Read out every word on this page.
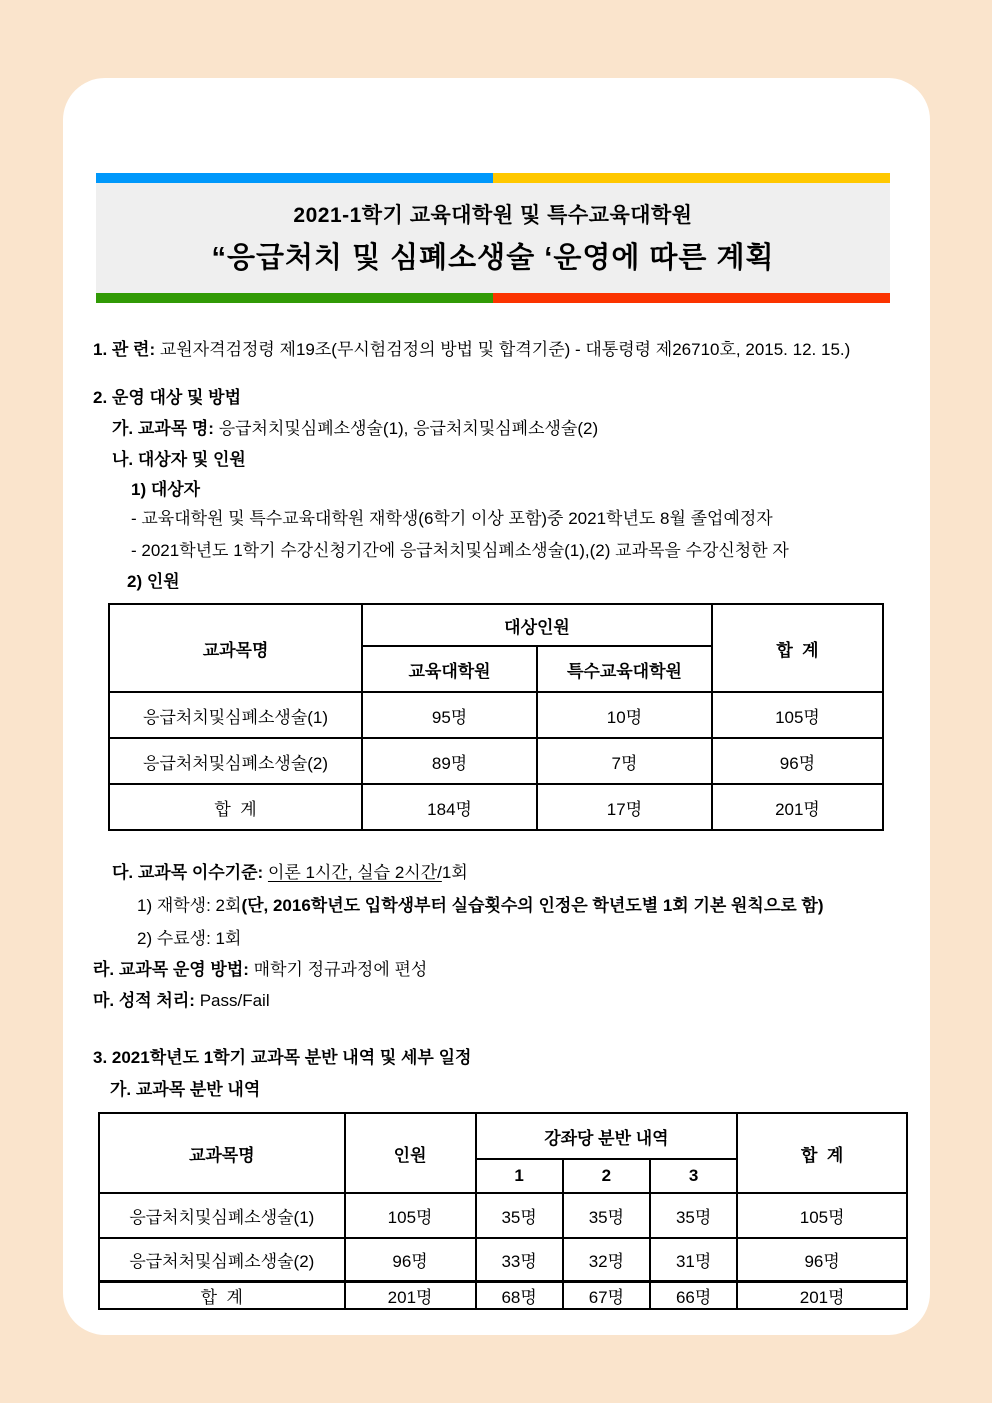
2021-1학기 교육대학원 및 특수교육대학원
“응급처치 및 심폐소생술 ‘운영에 따른 계획

1. 관 련: 교원자격검정령 제19조(무시험검정의 방법 및 합격기준) - 대통령령 제26710호, 2015. 12. 15.)

2. 운영 대상 및 방법

가. 교과목 명: 응급처치및심폐소생술(1), 응급처치및심폐소생술(2)

나. 대상자 및 인원

1) 대상자

- 교육대학원 및 특수교육대학원 재학생(6학기 이상 포함)중 2021학년도 8월 졸업예정자

- 2021학년도 1학기 수강신청기간에 응급처치및심폐소생술(1),(2) 교과목을 수강신청한 자

2) 인원

교과목명	대상인원		합  계
	교육대학원	특수교육대학원	
응급처치및심폐소생술(1)	95명	10명	105명
응급처처및심폐소생술(2)	89명	7명	96명
합  계	184명	17명	201명

다. 교과목 이수기준: 이론 1시간, 실습 2시간/1회

1) 재학생: 2회(단, 2016학년도 입학생부터 실습횟수의 인정은 학년도별 1회 기본 원칙으로 함)

2) 수료생: 1회

라. 교과목 운영 방법: 매학기 정규과정에 편성

마. 성적 처리: Pass/Fail

3. 2021학년도 1학기 교과목 분반 내역 및 세부 일정

가. 교과목 분반 내역

교과목명	인원	강좌당 분반 내역			합  계
		1	2	3	
응급처치및심폐소생술(1)	105명	35명	35명	35명	105명
응급처처및심폐소생술(2)	96명	33명	32명	31명	96명
합  계	201명	68명	67명	66명	201명
